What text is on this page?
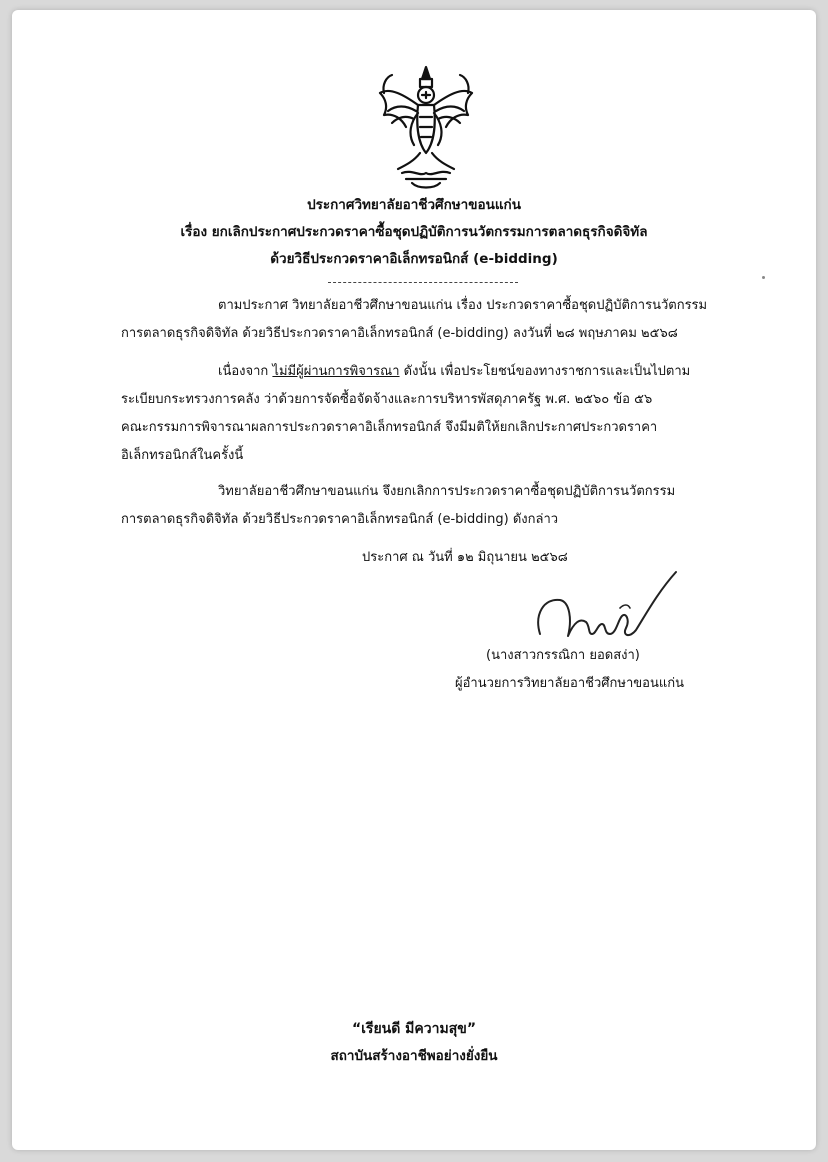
ประกาศวิทยาลัยอาชีวศึกษาขอนแก่น
เรื่อง ยกเลิกประกาศประกวดราคาซื้อชุดปฏิบัติการนวัตกรรมการตลาดธุรกิจดิจิทัล
ด้วยวิธีประกวดราคาอิเล็กทรอนิกส์ (e-bidding)
ตามประกาศ วิทยาลัยอาชีวศึกษาขอนแก่น เรื่อง ประกวดราคาซื้อชุดปฏิบัติการนวัตกรรม
การตลาดธุรกิจดิจิทัล ด้วยวิธีประกวดราคาอิเล็กทรอนิกส์ (e-bidding) ลงวันที่ ๒๘ พฤษภาคม ๒๕๖๘
เนื่องจาก ไม่มีผู้ผ่านการพิจารณา ดังนั้น เพื่อประโยชน์ของทางราชการและเป็นไปตาม
ระเบียบกระทรวงการคลัง ว่าด้วยการจัดซื้อจัดจ้างและการบริหารพัสดุภาครัฐ พ.ศ. ๒๕๖๐ ข้อ ๕๖
คณะกรรมการพิจารณาผลการประกวดราคาอิเล็กทรอนิกส์ จึงมีมติให้ยกเลิกประกาศประกวดราคา
อิเล็กทรอนิกส์ในครั้งนี้
วิทยาลัยอาชีวศึกษาขอนแก่น จึงยกเลิกการประกวดราคาซื้อชุดปฏิบัติการนวัตกรรม
การตลาดธุรกิจดิจิทัล ด้วยวิธีประกวดราคาอิเล็กทรอนิกส์ (e-bidding) ดังกล่าว
ประกาศ ณ วันที่ ๑๒ มิถุนายน ๒๕๖๘
(นางสาวกรรณิกา ยอดสง่า)
ผู้อำนวยการวิทยาลัยอาชีวศึกษาขอนแก่น
“เรียนดี มีความสุข”
สถาบันสร้างอาชีพอย่างยั่งยืน
